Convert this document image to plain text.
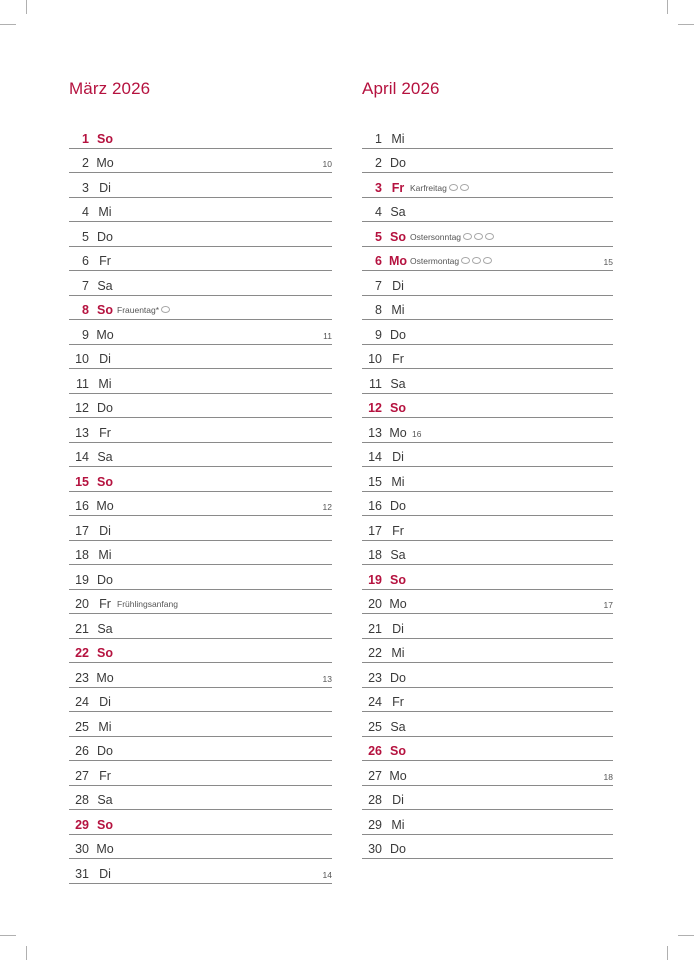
März 2026
1 So
2 Mo	10
3 Di
4 Mi
5 Do
6 Fr
7 Sa
8 So Frauentag*
9 Mo	11
10 Di
11 Mi
12 Do
13 Fr
14 Sa
15 So
16 Mo	12
17 Di
18 Mi
19 Do
20 Fr Frühlingsanfang
21 Sa
22 So
23 Mo	13
24 Di
25 Mi
26 Do
27 Fr
28 Sa
29 So
30 Mo
31 Di	14
April 2026
1 Mi
2 Do
3 Fr Karfreitag
4 Sa
5 So Ostersonntag
6 Mo Ostermontag	15
7 Di
8 Mi
9 Do
10 Fr
11 Sa
12 So
13 Mo 16
14 Di
15 Mi
16 Do
17 Fr
18 Sa
19 So
20 Mo	17
21 Di
22 Mi
23 Do
24 Fr
25 Sa
26 So
27 Mo	18
28 Di
29 Mi
30 Do
